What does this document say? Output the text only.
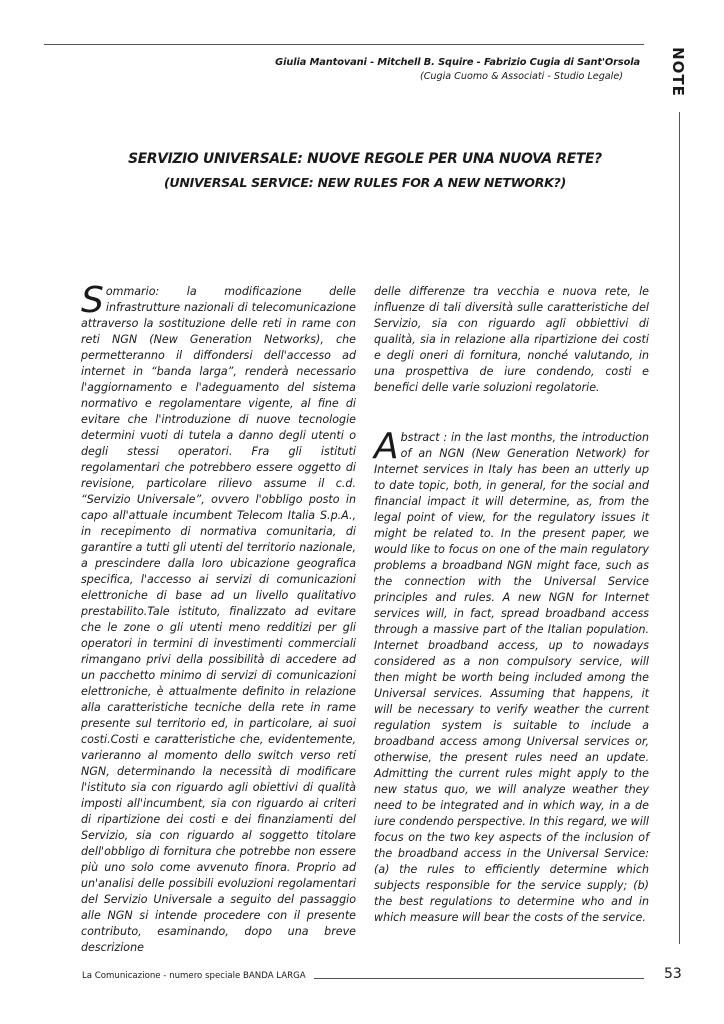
NOTE
Giulia Mantovani - Mitchell B. Squire - Fabrizio Cugia di Sant'Orsola
(Cugia Cuomo & Associati - Studio Legale)
SERVIZIO UNIVERSALE: NUOVE REGOLE PER UNA NUOVA RETE?
(UNIVERSAL SERVICE: NEW RULES FOR A NEW NETWORK?)
Sommario: la modificazione delle infrastrutture nazionali di telecomunicazione attraverso la sostituzione delle reti in rame con reti NGN (New Generation Networks), che permetteranno il diffondersi dell'accesso ad internet in “banda larga”, renderà necessario l'aggiornamento e l'adeguamento del sistema normativo e regolamentare vigente, al fine di evitare che l'introduzione di nuove tecnologie determini vuoti di tutela a danno degli utenti o degli stessi operatori. Fra gli istituti regolamentari che potrebbero essere oggetto di revisione, particolare rilievo assume il c.d. “Servizio Universale”, ovvero l'obbligo posto in capo all'attuale incumbent Telecom Italia S.p.A., in recepimento di normativa comunitaria, di garantire a tutti gli utenti del territorio nazionale, a prescindere dalla loro ubicazione geografica specifica, l'accesso ai servizi di comunicazioni elettroniche di base ad un livello qualitativo prestabilito.Tale istituto, finalizzato ad evitare che le zone o gli utenti meno redditizi per gli operatori in termini di investimenti commerciali rimangano privi della possibilità di accedere ad un pacchetto minimo di servizi di comunicazioni elettroniche, è attualmente definito in relazione alla caratteristiche tecniche della rete in rame presente sul territorio ed, in particolare, ai suoi costi.Costi e caratteristiche che, evidentemente, varieranno al momento dello switch verso reti NGN, determinando la necessità di modificare l'istituto sia con riguardo agli obiettivi di qualità imposti all'incumbent, sia con riguardo ai criteri di ripartizione dei costi e dei finanziamenti del Servizio, sia con riguardo al soggetto titolare dell'obbligo di fornitura che potrebbe non essere più uno solo come avvenuto finora. Proprio ad un'analisi delle possibili evoluzioni regolamentari del Servizio Universale a seguito del passaggio alle NGN si intende procedere con il presente contributo, esaminando, dopo una breve descrizione
delle differenze tra vecchia e nuova rete, le influenze di tali diversità sulle caratteristiche del Servizio, sia con riguardo agli obbiettivi di qualità, sia in relazione alla ripartizione dei costi e degli oneri di fornitura, nonché valutando, in una prospettiva de iure condendo, costi e benefici delle varie soluzioni regolatorie.
Abstract : in the last months, the introduction of an NGN (New Generation Network) for Internet services in Italy has been an utterly up to date topic, both, in general, for the social and financial impact it will determine, as, from the legal point of view, for the regulatory issues it might be related to. In the present paper, we would like to focus on one of the main regulatory problems a broadband NGN might face, such as the connection with the Universal Service principles and rules. A new NGN for Internet services will, in fact, spread broadband access through a massive part of the Italian population. Internet broadband access, up to nowadays considered as a non compulsory service, will then might be worth being included among the Universal services. Assuming that happens, it will be necessary to verify weather the current regulation system is suitable to include a broadband access among Universal services or, otherwise, the present rules need an update. Admitting the current rules might apply to the new status quo, we will analyze weather they need to be integrated and in which way, in a de iure condendo perspective. In this regard, we will focus on the two key aspects of the inclusion of the broadband access in the Universal Service: (a) the rules to efficiently determine which subjects responsible for the service supply; (b) the best regulations to determine who and in which measure will bear the costs of the service.
La Comunicazione - numero speciale BANDA LARGA	53
